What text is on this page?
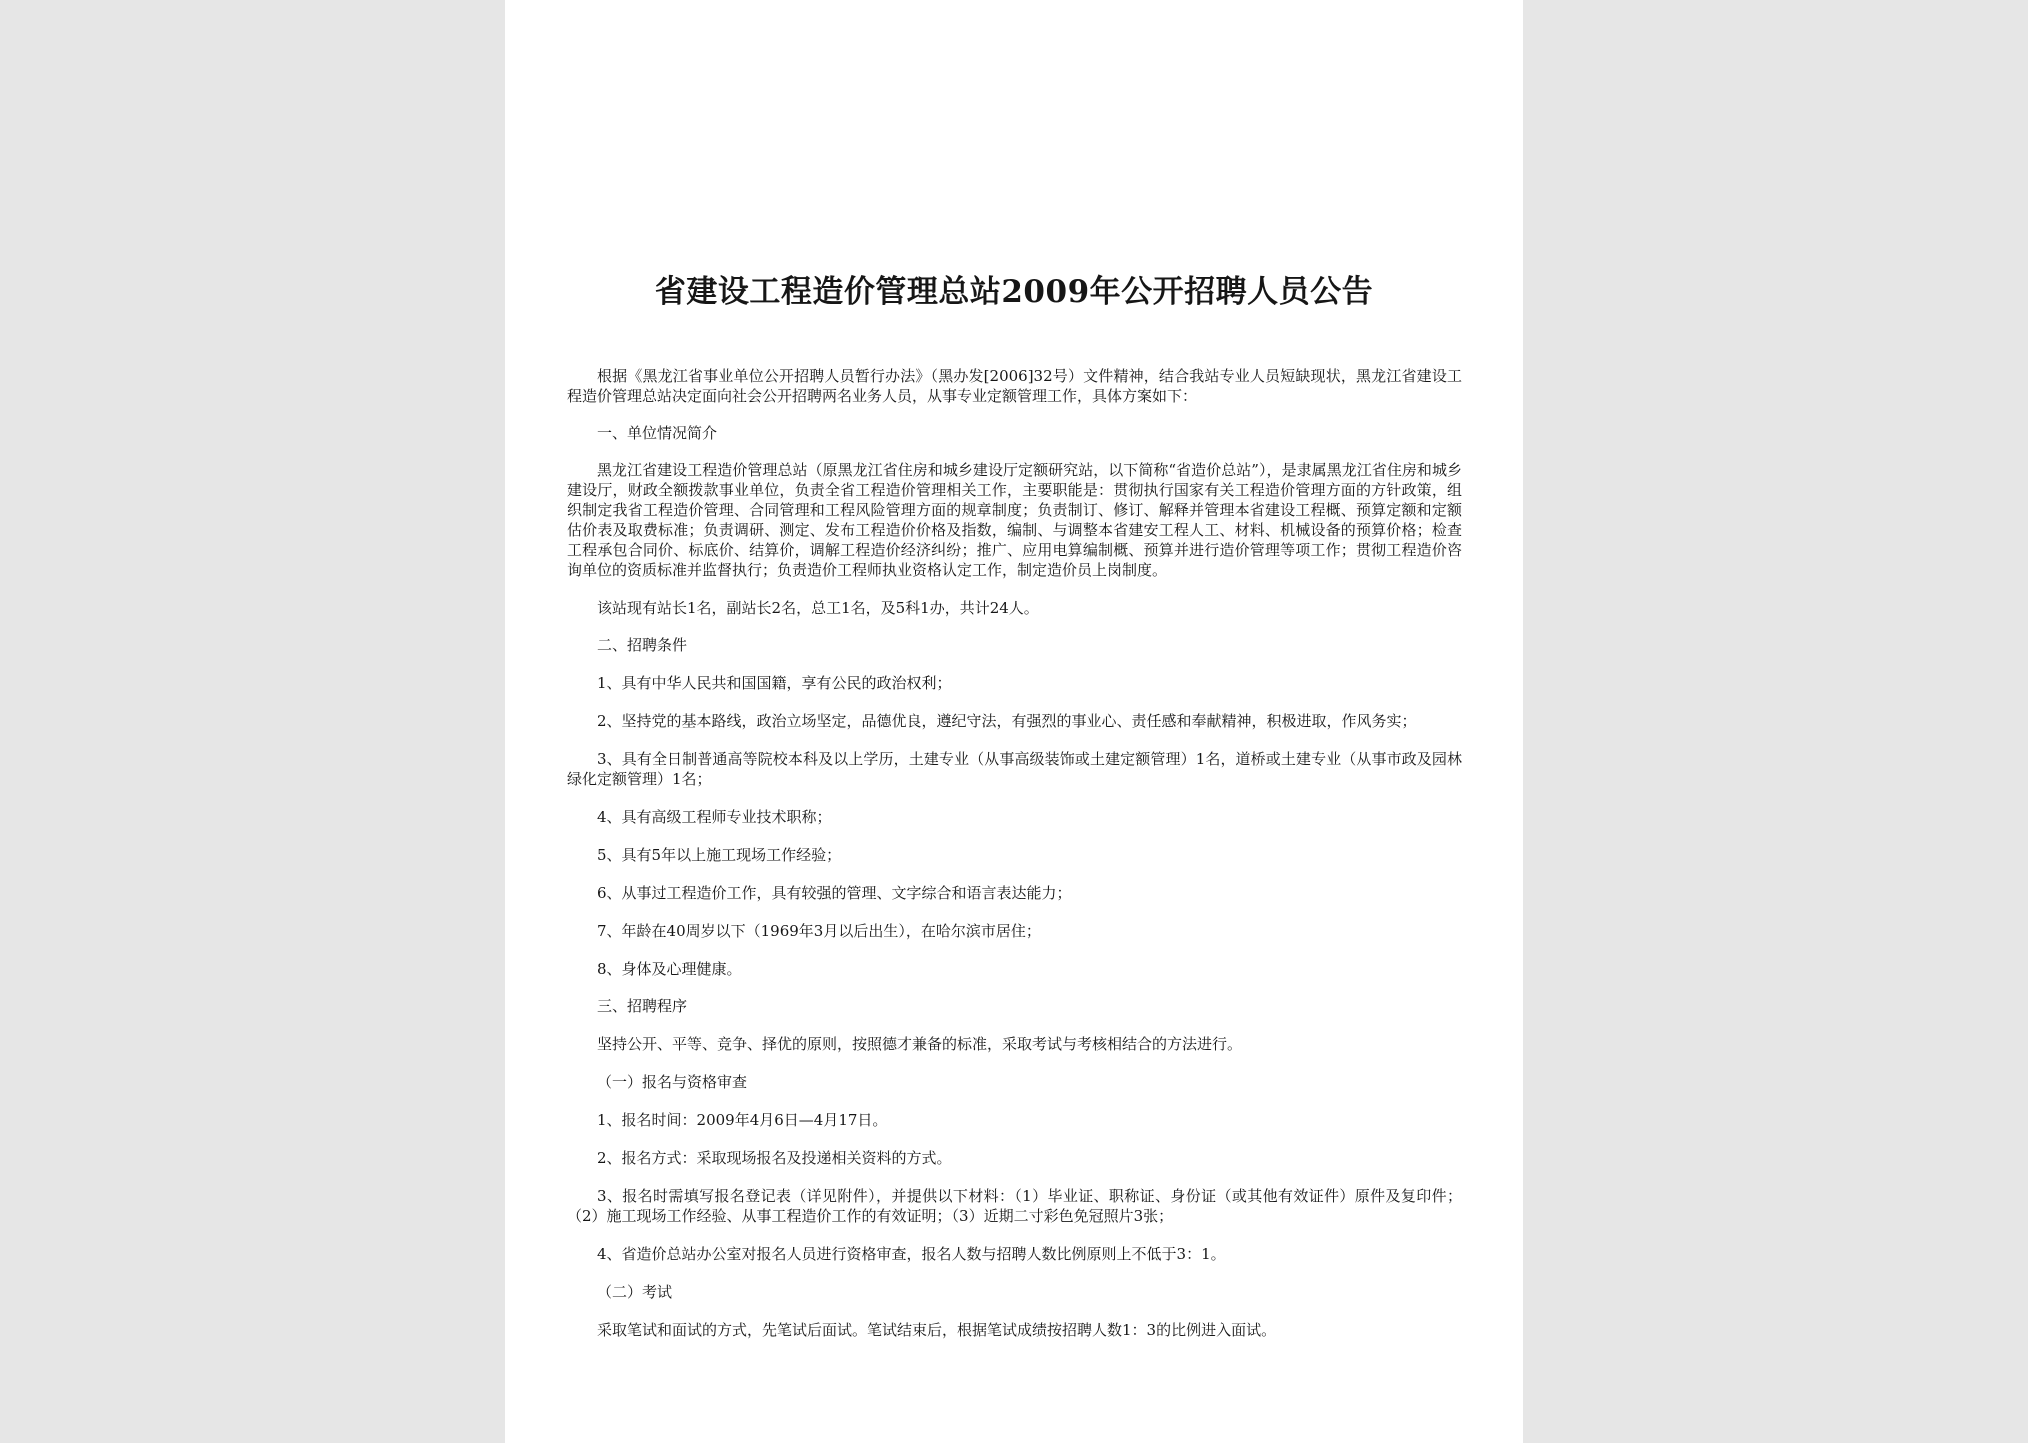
省建设工程造价管理总站2009年公开招聘人员公告

根据《黑龙江省事业单位公开招聘人员暂行办法》（黑办发[2006]32号）文件精神，结合我站专业人员短缺现状，黑龙江省建设工程造价管理总站决定面向社会公开招聘两名业务人员，从事专业定额管理工作，具体方案如下：

一、单位情况简介

黑龙江省建设工程造价管理总站（原黑龙江省住房和城乡建设厅定额研究站，以下简称“省造价总站”），是隶属黑龙江省住房和城乡建设厅，财政全额拨款事业单位，负责全省工程造价管理相关工作，主要职能是：贯彻执行国家有关工程造价管理方面的方针政策，组织制定我省工程造价管理、合同管理和工程风险管理方面的规章制度；负责制订、修订、解释并管理本省建设工程概、预算定额和定额估价表及取费标准；负责调研、测定、发布工程造价价格及指数，编制、与调整本省建安工程人工、材料、机械设备的预算价格；检查工程承包合同价、标底价、结算价，调解工程造价经济纠纷；推广、应用电算编制概、预算并进行造价管理等项工作；贯彻工程造价咨询单位的资质标准并监督执行；负责造价工程师执业资格认定工作，制定造价员上岗制度。

该站现有站长1名，副站长2名，总工1名，及5科1办，共计24人。

二、招聘条件

1、具有中华人民共和国国籍，享有公民的政治权利；

2、坚持党的基本路线，政治立场坚定，品德优良，遵纪守法，有强烈的事业心、责任感和奉献精神，积极进取，作风务实；

3、具有全日制普通高等院校本科及以上学历，土建专业（从事高级装饰或土建定额管理）1名，道桥或土建专业（从事市政及园林绿化定额管理）1名；

4、具有高级工程师专业技术职称；

5、具有5年以上施工现场工作经验；

6、从事过工程造价工作，具有较强的管理、文字综合和语言表达能力；

7、年龄在40周岁以下（1969年3月以后出生），在哈尔滨市居住；

8、身体及心理健康。

三、招聘程序

坚持公开、平等、竞争、择优的原则，按照德才兼备的标准，采取考试与考核相结合的方法进行。

（一）报名与资格审查

1、报名时间：2009年4月6日—4月17日。

2、报名方式：采取现场报名及投递相关资料的方式。

3、报名时需填写报名登记表（详见附件），并提供以下材料：（1）毕业证、职称证、身份证（或其他有效证件）原件及复印件；（2）施工现场工作经验、从事工程造价工作的有效证明；（3）近期二寸彩色免冠照片3张；

4、省造价总站办公室对报名人员进行资格审查，报名人数与招聘人数比例原则上不低于3：1。

（二）考试

采取笔试和面试的方式，先笔试后面试。笔试结束后，根据笔试成绩按招聘人数1：3的比例进入面试。
